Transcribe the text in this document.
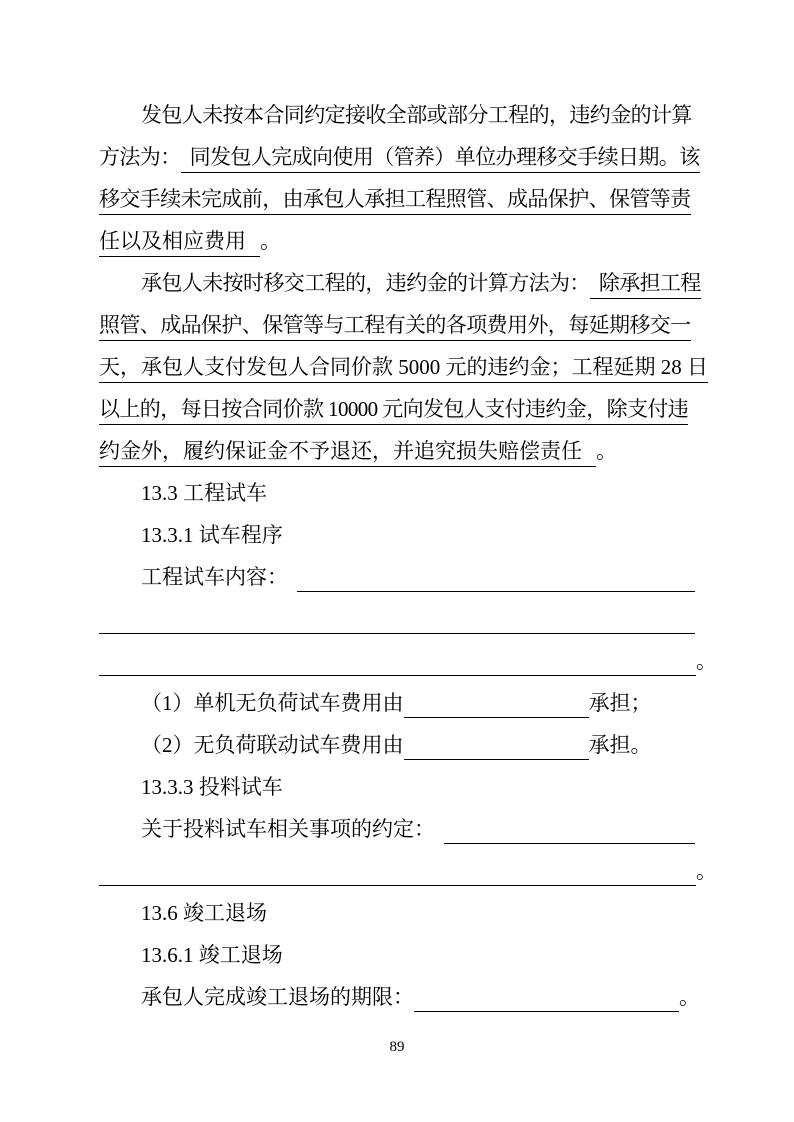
发包人未按本合同约定接收全部或部分工程的，违约金的计算
方法为： 同发包人完成向使用（管养）单位办理移交手续日期。该
移交手续未完成前，由承包人承担工程照管、成品保护、保管等责
任以及相应费用 。
承包人未按时移交工程的，违约金的计算方法为： 除承担工程
照管、成品保护、保管等与工程有关的各项费用外，每延期移交一
天，承包人支付发包人合同价款 5000 元的违约金；工程延期 28 日
以上的，每日按合同价款 10000 元向发包人支付违约金，除支付违
约金外，履约保证金不予退还，并追究损失赔偿责任 。
13.3 工程试车
13.3.1 试车程序
工程试车内容：
。
（1）单机无负荷试车费用由	承担；
（2）无负荷联动试车费用由	承担。
13.3.3 投料试车
关于投料试车相关事项的约定：
。
13.6 竣工退场
13.6.1 竣工退场
承包人完成竣工退场的期限：	。
89
